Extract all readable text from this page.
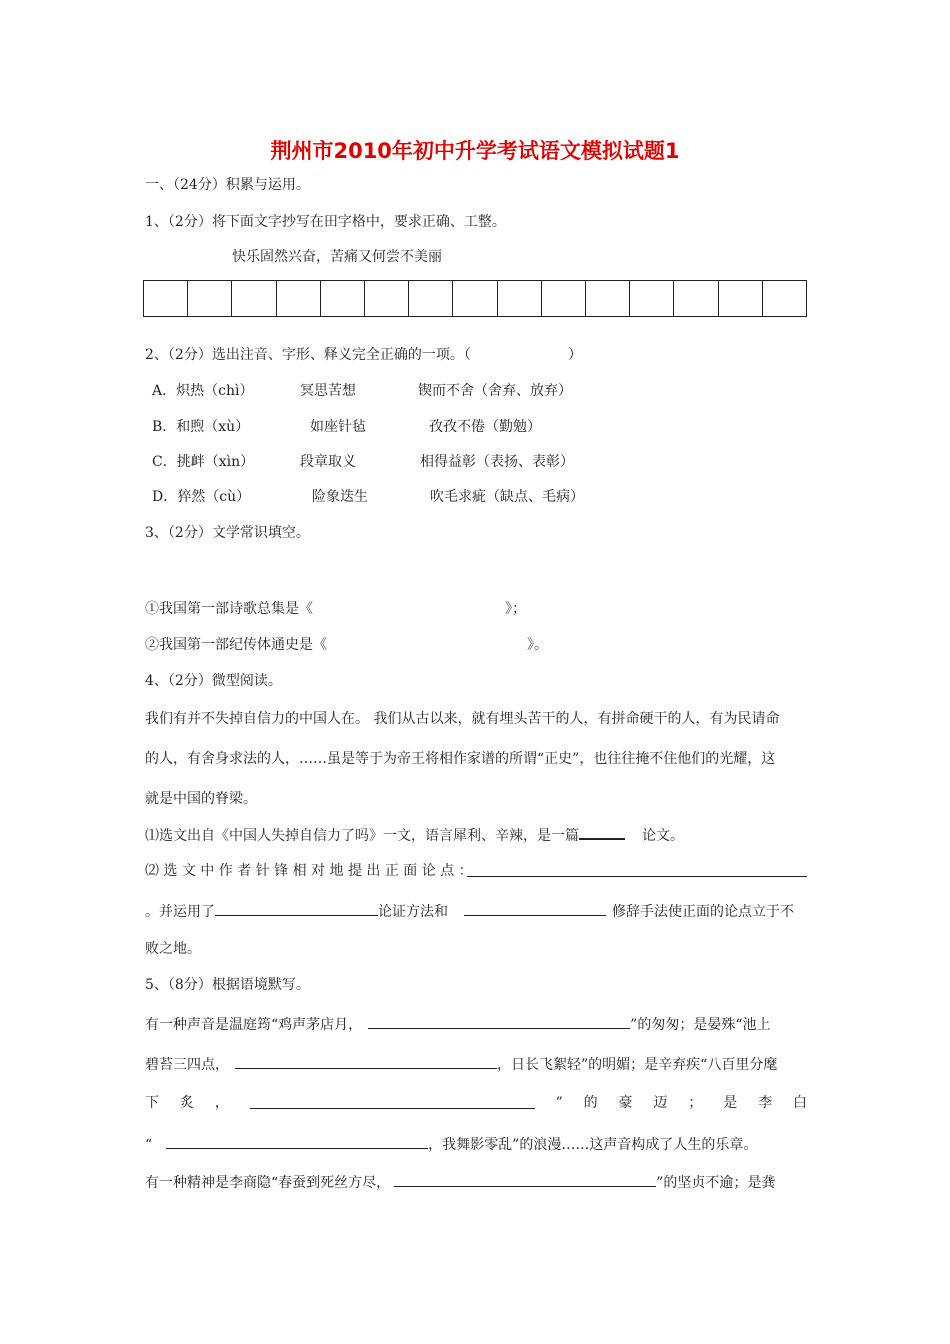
荆州市2010年初中升学考试语文模拟试题1
一、（24分）积累与运用。
1、（2分）将下面文字抄写在田字格中，要求正确、工整。
快乐固然兴奋，苦痛又何尝不美丽
2、（2分）选出注音、字形、释义完全正确的一项。（	）
A．炽热（chì）	冥思苦想	锲而不舍（舍弃、放弃）
B．和煦（xù）	如座针毡	孜孜不倦（勤勉）
C．挑衅（xìn）	段章取义	相得益彰（表扬、表彰）
D．猝然（cù）	险象迭生	吹毛求疵（缺点、毛病）
3、（2分）文学常识填空。
①我国第一部诗歌总集是《	》；
②我国第一部纪传体通史是《	》。
4、（2分）微型阅读。
我们有并不失掉自信力的中国人在。 我们从古以来，就有埋头苦干的人，有拼命硬干的人，有为民请命
的人，有舍身求法的人，……虽是等于为帝王将相作家谱的所谓“正史”，也往往掩不住他们的光耀，这
就是中国的脊梁。
⑴选文出自《中国人失掉自信力了吗》一文，语言犀利、辛辣，是一篇	论文。
⑵ 选 文 中 作 者 针 锋 相 对 地 提 出 正 面 论 点 ：
。并运用了	论证方法和	修辞手法使正面的论点立于不
败之地。
5、（8分）根据语境默写。
有一种声音是温庭筠“鸡声茅店月，	”的匆匆；是晏殊“池上
碧苔三四点，	，日长飞絮轻”的明媚；是辛弃疾“八百里分麾
下 炙 ，	” 的 豪 迈 ； 是 李 白
“	，我舞影零乱”的浪漫……这声音构成了人生的乐章。
有一种精神是李商隐“春蚕到死丝方尽，	”的坚贞不逾；是龚
